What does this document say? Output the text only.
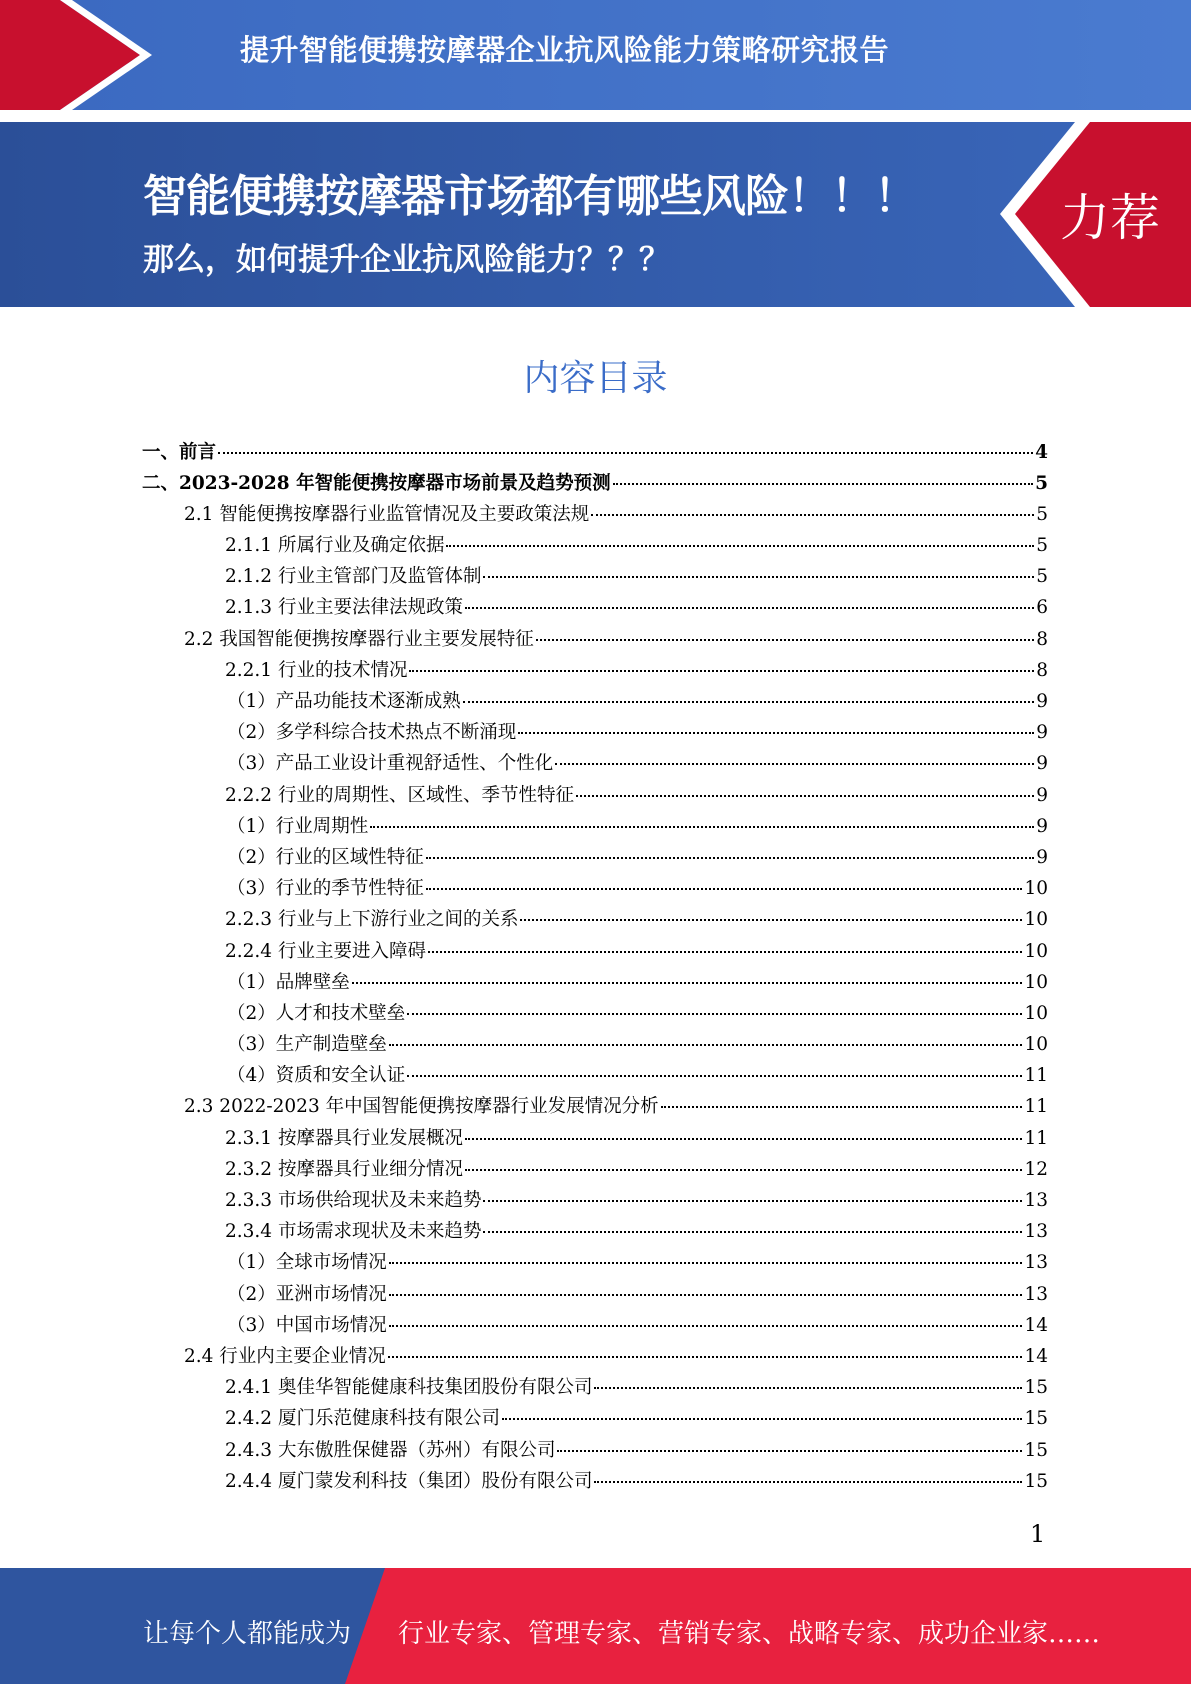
提升智能便携按摩器企业抗风险能力策略研究报告
智能便携按摩器市场都有哪些风险！！！
那么，如何提升企业抗风险能力？？？
力荐
内容目录
一、前言	4
二、2023-2028 年智能便携按摩器市场前景及趋势预测	5
2.1 智能便携按摩器行业监管情况及主要政策法规	5
2.1.1 所属行业及确定依据	5
2.1.2 行业主管部门及监管体制	5
2.1.3 行业主要法律法规政策	6
2.2 我国智能便携按摩器行业主要发展特征	8
2.2.1 行业的技术情况	8
（1）产品功能技术逐渐成熟	9
（2）多学科综合技术热点不断涌现	9
（3）产品工业设计重视舒适性、个性化	9
2.2.2 行业的周期性、区域性、季节性特征	9
（1）行业周期性	9
（2）行业的区域性特征	9
（3）行业的季节性特征	10
2.2.3 行业与上下游行业之间的关系	10
2.2.4 行业主要进入障碍	10
（1）品牌壁垒	10
（2）人才和技术壁垒	10
（3）生产制造壁垒	10
（4）资质和安全认证	11
2.3 2022-2023 年中国智能便携按摩器行业发展情况分析	11
2.3.1 按摩器具行业发展概况	11
2.3.2 按摩器具行业细分情况	12
2.3.3 市场供给现状及未来趋势	13
2.3.4 市场需求现状及未来趋势	13
（1）全球市场情况	13
（2）亚洲市场情况	13
（3）中国市场情况	14
2.4 行业内主要企业情况	14
2.4.1 奥佳华智能健康科技集团股份有限公司	15
2.4.2 厦门乐范健康科技有限公司	15
2.4.3 大东傲胜保健器（苏州）有限公司	15
2.4.4 厦门蒙发利科技（集团）股份有限公司	15
1
让每个人都能成为 行业专家、管理专家、营销专家、战略专家、成功企业家……
